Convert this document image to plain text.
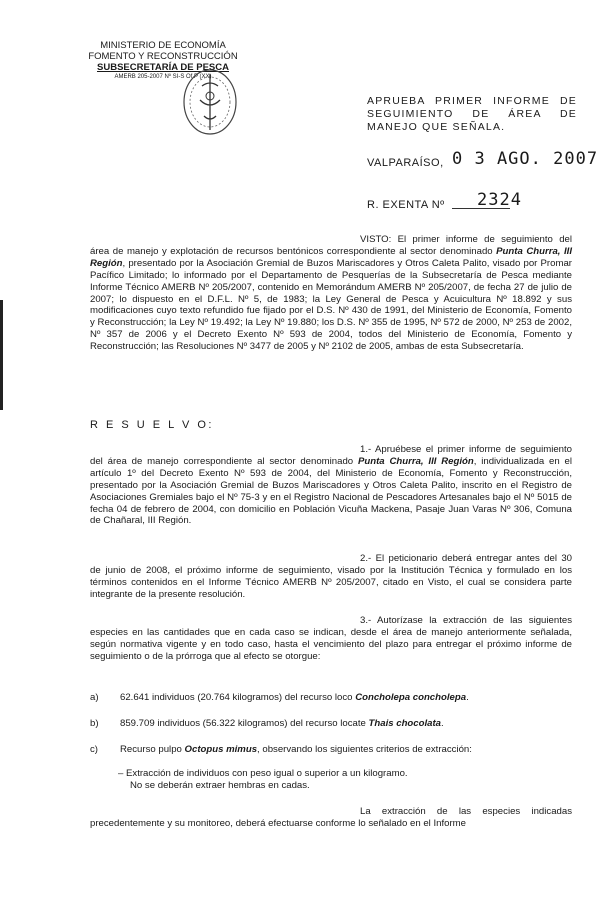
MINISTERIO DE ECONOMÍA
FOMENTO Y RECONSTRUCCIÓN
SUBSECRETARÍA DE PESCA
AMERB 205-2007 Nº SI-S Of P (XX)
APRUEBA PRIMER INFORME DE SEGUIMIENTO DE ÁREA DE MANEJO QUE SEÑALA.
VALPARAÍSO, 0 3 AGO. 2007
R. EXENTA Nº 2324
VISTO: El primer informe de seguimiento del área de manejo y explotación de recursos bentónicos correspondiente al sector denominado Punta Churra, III Región, presentado por la Asociación Gremial de Buzos Mariscadores y Otros Caleta Palito, visado por Promar Pacífico Limitado; lo informado por el Departamento de Pesquerías de la Subsecretaría de Pesca mediante Informe Técnico AMERB Nº 205/2007, contenido en Memorándum AMERB Nº 205/2007, de fecha 27 de julio de 2007; lo dispuesto en el D.F.L. Nº 5, de 1983; la Ley General de Pesca y Acuicultura Nº 18.892 y sus modificaciones cuyo texto refundido fue fijado por el D.S. Nº 430 de 1991, del Ministerio de Economía, Fomento y Reconstrucción; la Ley Nº 19.492; la Ley Nº 19.880; los D.S. Nº 355 de 1995, Nº 572 de 2000, Nº 253 de 2002, Nº 357 de 2006 y el Decreto Exento Nº 593 de 2004, todos del Ministerio de Economía, Fomento y Reconstrucción; las Resoluciones Nº 3477 de 2005 y Nº 2102 de 2005, ambas de esta Subsecretaría.
R E S U E L V O:
1.- Apruébese el primer informe de seguimiento del área de manejo correspondiente al sector denominado Punta Churra, III Región, individualizada en el artículo 1º del Decreto Exento Nº 593 de 2004, del Ministerio de Economía, Fomento y Reconstrucción, presentado por la Asociación Gremial de Buzos Mariscadores y Otros Caleta Palito, inscrito en el Registro de Asociaciones Gremiales bajo el Nº 75-3 y en el Registro Nacional de Pescadores Artesanales bajo el Nº 5015 de fecha 04 de febrero de 2004, con domicilio en Población Vicuña Mackena, Pasaje Juan Varas Nº 306, Comuna de Chañaral, III Región.
2.- El peticionario deberá entregar antes del 30 de junio de 2008, el próximo informe de seguimiento, visado por la Institución Técnica y formulado en los términos contenidos en el Informe Técnico AMERB Nº 205/2007, citado en Visto, el cual se considera parte integrante de la presente resolución.
3.- Autorízase la extracción de las siguientes especies en las cantidades que en cada caso se indican, desde el área de manejo anteriormente señalada, según normativa vigente y en todo caso, hasta el vencimiento del plazo para entregar el próximo informe de seguimiento o de la prórroga que al efecto se otorgue:
a) 62.641 individuos (20.764 kilogramos) del recurso loco Concholepa concholepa.
b) 859.709 individuos (56.322 kilogramos) del recurso locate Thais chocolata.
c) Recurso pulpo Octopus mimus, observando los siguientes criterios de extracción:
– Extracción de individuos con peso igual o superior a un kilogramo.
No se deberán extraer hembras en cadas.
La extracción de las especies indicadas precedentemente y su monitoreo, deberá efectuarse conforme lo señalado en el Informe
